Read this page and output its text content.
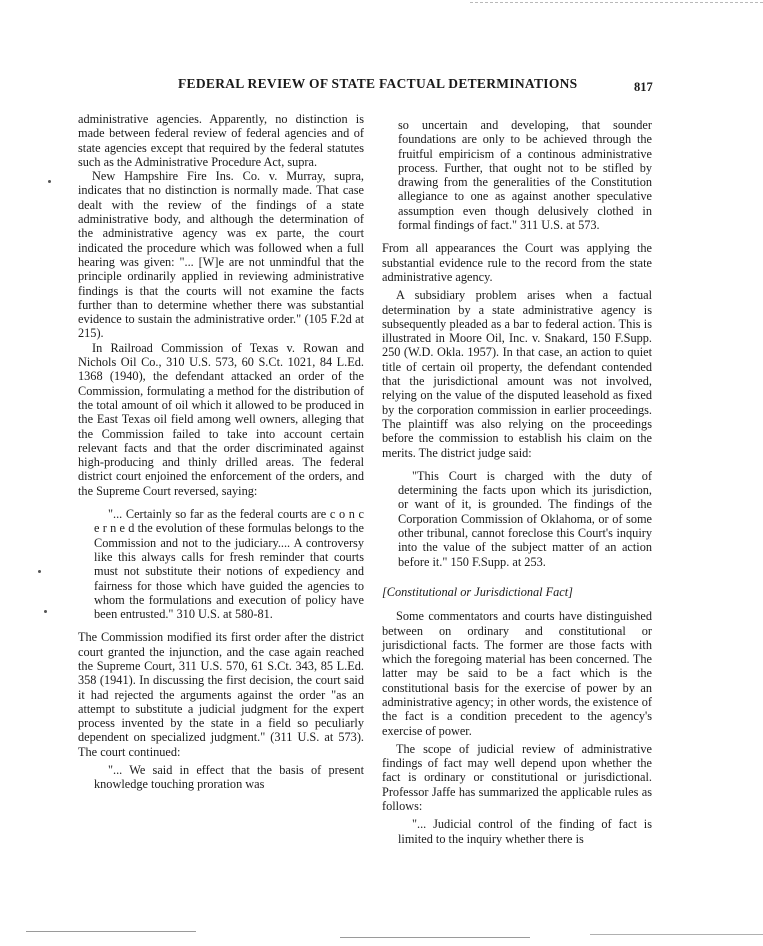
FEDERAL REVIEW OF STATE FACTUAL DETERMINATIONS	817

administrative agencies. Apparently, no distinction is made between federal review of federal agencies and of state agencies except that required by the federal statutes such as the Administrative Procedure Act, supra.

New Hampshire Fire Ins. Co. v. Murray, supra, indicates that no distinction is normally made. That case dealt with the review of the findings of a state administrative body, and although the determination of the administrative agency was ex parte, the court indicated the procedure which was followed when a full hearing was given: "... [W]e are not unmindful that the principle ordinarily applied in reviewing administrative findings is that the courts will not examine the facts further than to determine whether there was substantial evidence to sustain the administrative order." (105 F.2d at 215).

In Railroad Commission of Texas v. Rowan and Nichols Oil Co., 310 U.S. 573, 60 S.Ct. 1021, 84 L.Ed. 1368 (1940), the defendant attacked an order of the Commission, formulating a method for the distribution of the total amount of oil which it allowed to be produced in the East Texas oil field among well owners, alleging that the Commission failed to take into account certain relevant facts and that the order discriminated against high-producing and thinly drilled areas. The federal district court enjoined the enforcement of the orders, and the Supreme Court reversed, saying:

"... Certainly so far as the federal courts are c o n c e r n e d the evolution of these formulas belongs to the Commission and not to the judiciary.... A controversy like this always calls for fresh reminder that courts must not substitute their notions of expediency and fairness for those which have guided the agencies to whom the formulations and execution of policy have been entrusted." 310 U.S. at 580-81.

The Commission modified its first order after the district court granted the injunction, and the case again reached the Supreme Court, 311 U.S. 570, 61 S.Ct. 343, 85 L.Ed. 358 (1941). In discussing the first decision, the court said it had rejected the arguments against the order "as an attempt to substitute a judicial judgment for the expert process invented by the state in a field so peculiarly dependent on specialized judgment." (311 U.S. at 573). The court continued:

"... We said in effect that the basis of present knowledge touching proration was

so uncertain and developing, that sounder foundations are only to be achieved through the fruitful empiricism of a continous administrative process. Further, that ought not to be stifled by drawing from the generalities of the Constitution allegiance to one as against another speculative assumption even though delusively clothed in formal findings of fact." 311 U.S. at 573.

From all appearances the Court was applying the substantial evidence rule to the record from the state administrative agency.

A subsidiary problem arises when a factual determination by a state administrative agency is subsequently pleaded as a bar to federal action. This is illustrated in Moore Oil, Inc. v. Snakard, 150 F.Supp. 250 (W.D. Okla. 1957). In that case, an action to quiet title of certain oil property, the defendant contended that the jurisdictional amount was not involved, relying on the value of the disputed leasehold as fixed by the corporation commission in earlier proceedings. The plaintiff was also relying on the proceedings before the commission to establish his claim on the merits. The district judge said:

"This Court is charged with the duty of determining the facts upon which its jurisdiction, or want of it, is grounded. The findings of the Corporation Commission of Oklahoma, or of some other tribunal, cannot foreclose this Court's inquiry into the value of the subject matter of an action before it." 150 F.Supp. at 253.

[Constitutional or Jurisdictional Fact]

Some commentators and courts have distinguished between on ordinary and constitutional or jurisdictional facts. The former are those facts with which the foregoing material has been concerned. The latter may be said to be a fact which is the constitutional basis for the exercise of power by an administrative agency; in other words, the existence of the fact is a condition precedent to the agency's exercise of power.

The scope of judicial review of administrative findings of fact may well depend upon whether the fact is ordinary or constitutional or jurisdictional. Professor Jaffe has summarized the applicable rules as follows:

"... Judicial control of the finding of fact is limited to the inquiry whether there is
